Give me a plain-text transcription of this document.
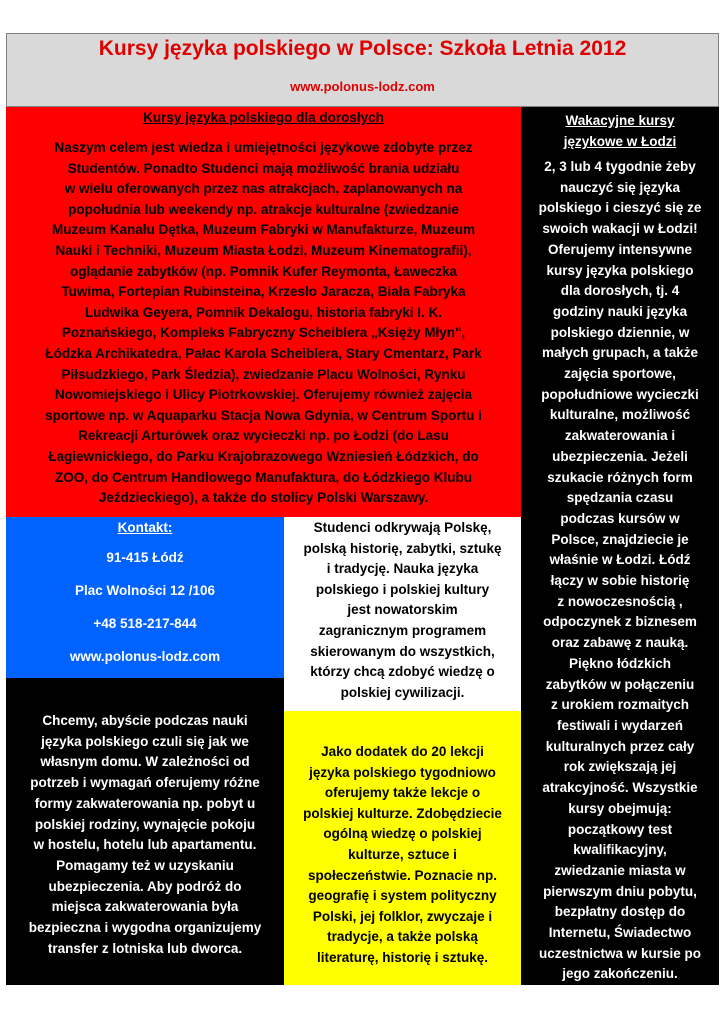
Kursy języka polskiego w Polsce: Szkoła Letnia 2012
www.polonus-lodz.com
Kursy języka polskiego dla dorosłych
Naszym celem jest wiedza i umiejętności językowe zdobyte przez
Studentów. Ponadto Studenci mają możliwość brania udziału
w wielu oferowanych przez nas atrakcjach, zaplanowanych na
popołudnia lub weekendy np. atrakcje kulturalne (zwiedzanie
Muzeum Kanału Dętka, Muzeum Fabryki w Manufakturze, Muzeum
Nauki i Techniki, Muzeum Miasta Łodzi, Muzeum Kinematografii),
oglądanie zabytków (np. Pomnik Kufer Reymonta, Ławeczka
Tuwima, Fortepian Rubinsteina, Krzesło Jaracza, Biała Fabryka
Ludwika Geyera, Pomnik Dekalogu, historia fabryki I. K.
Poznańskiego, Kompleks Fabryczny Scheiblera „Księży Młyn",
Łódzka Archikatedra, Pałac Karola Scheiblera, Stary Cmentarz, Park
Piłsudzkiego, Park Śledzia), zwiedzanie Placu Wolności, Rynku
Nowomiejskiego i Ulicy Piotrkowskiej. Oferujemy również zajęcia
sportowe np. w Aquaparku Stacja Nowa Gdynia, w Centrum Sportu i
Rekreacji Arturówek oraz wycieczki np. po Łodzi (do Lasu
Łagiewnickiego, do Parku Krajobrazowego Wzniesień Łódzkich, do
ZOO, do Centrum Handlowego Manufaktura, do Łódzkiego Klubu
Jeździeckiego), a także do stolicy Polski Warszawy.
Wakacyjne kursy
językowe w Łodzi
2, 3 lub 4 tygodnie żeby
nauczyć się języka
polskiego i cieszyć się ze
swoich wakacji w Łodzi!
Oferujemy intensywne
kursy języka polskiego
dla dorosłych, tj. 4
godziny nauki języka
polskiego dziennie, w
małych grupach, a także
zajęcia sportowe,
popołudniowe wycieczki
kulturalne, możliwość
zakwaterowania i
ubezpieczenia. Jeżeli
szukacie różnych form
spędzania czasu
podczas kursów w
Polsce, znajdziecie je
właśnie w Łodzi. Łódź
łączy w sobie historię
z nowoczesnością ,
odpoczynek z biznesem
oraz zabawę z nauką.
Piękno łódzkich
zabytków w połączeniu
z urokiem rozmaitych
festiwali i wydarzeń
kulturalnych przez cały
rok zwiększają jej
atrakcyjność. Wszystkie
kursy obejmują:
początkowy test
kwalifikacyjny,
zwiedzanie miasta w
pierwszym dniu pobytu,
bezpłatny dostęp do
Internetu, Świadectwo
uczestnictwa w kursie po
jego zakończeniu.
Kontakt:
91-415 Łódź
Plac Wolności 12 /106
+48 518-217-844
www.polonus-lodz.com
Studenci odkrywają Polskę,
polską historię, zabytki, sztukę
i tradycję. Nauka języka
polskiego i polskiej kultury
jest nowatorskim
zagranicznym programem
skierowanym do wszystkich,
którzy chcą zdobyć wiedzę o
polskiej cywilizacji.
Chcemy, abyście podczas nauki
języka polskiego czuli się jak we
własnym domu. W zależności od
potrzeb i wymagań oferujemy różne
formy zakwaterowania np. pobyt u
polskiej rodziny, wynajęcie pokoju
w hostelu, hotelu lub apartamentu.
Pomagamy też w uzyskaniu
ubezpieczenia. Aby podróż do
miejsca zakwaterowania była
bezpieczna i wygodna organizujemy
transfer z lotniska lub dworca.
Jako dodatek do 20 lekcji
języka polskiego tygodniowo
oferujemy także lekcje o
polskiej kulturze. Zdobędziecie
ogólną wiedzę o polskiej
kulturze, sztuce i
społeczeństwie. Poznacie np.
geografię i system polityczny
Polski, jej folklor, zwyczaje i
tradycje, a także polską
literaturę, historię i sztukę.
